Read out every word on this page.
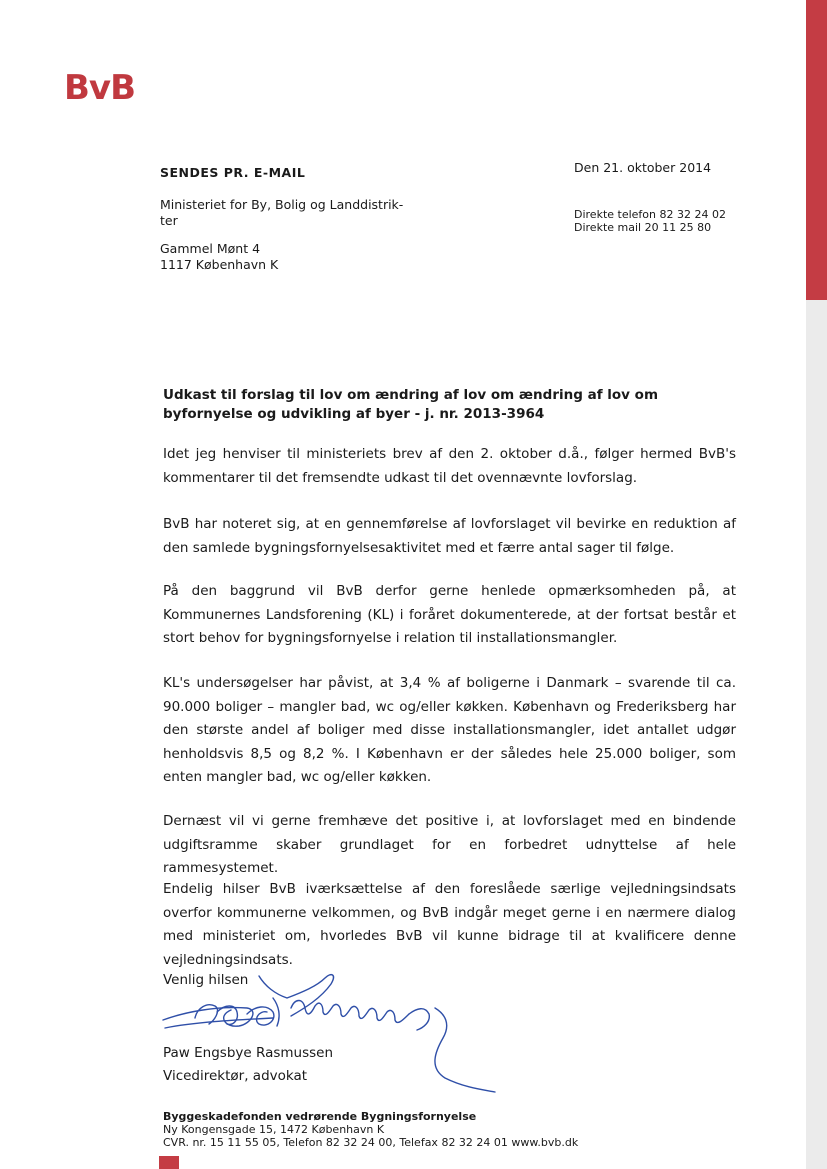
BvB
SENDES PR. E-MAIL
Ministeriet for By, Bolig og Landdistrik-
ter
Gammel Mønt 4
1117 København K
Den 21. oktober 2014
Direkte telefon 82 32 24 02
Direkte mail 20 11 25 80
Udkast til forslag til lov om ændring af lov om ændring af lov om byfornyelse og udvikling af byer - j. nr. 2013-3964

Idet jeg henviser til ministeriets brev af den 2. oktober d.å., følger hermed BvB's kommentarer til det fremsendte udkast til det ovennævnte lovforslag.

BvB har noteret sig, at en gennemførelse af lovforslaget vil bevirke en reduktion af den samlede bygningsfornyelsesaktivitet med et færre antal sager til følge.

På den baggrund vil BvB derfor gerne henlede opmærksomheden på, at Kommunernes Landsforening (KL) i foråret dokumenterede, at der fortsat består et stort behov for bygningsfornyelse i relation til installationsmangler.

KL's undersøgelser har påvist, at 3,4 % af boligerne i Danmark – svarende til ca. 90.000 boliger – mangler bad, wc og/eller køkken. København og Frederiksberg har den største andel af boliger med disse installationsmangler, idet antallet udgør henholdsvis 8,5 og 8,2 %. I København er der således hele 25.000 boliger, som enten mangler bad, wc og/eller køkken.

Dernæst vil vi gerne fremhæve det positive i, at lovforslaget med en bindende udgiftsramme skaber grundlaget for en forbedret udnyttelse af hele rammesystemet.

Endelig hilser BvB iværksættelse af den foreslåede særlige vejledningsindsats overfor kommunerne velkommen, og BvB indgår meget gerne i en nærmere dialog med ministeriet om, hvorledes BvB vil kunne bidrage til at kvalificere denne vejledningsindsats.

Venlig hilsen
Paw Engsbye Rasmussen
Vicedirektør, advokat
Byggeskadefonden vedrørende Bygningsfornyelse
Ny Kongensgade 15, 1472 København K
CVR. nr. 15 11 55 05, Telefon 82 32 24 00, Telefax 82 32 24 01 www.bvb.dk
